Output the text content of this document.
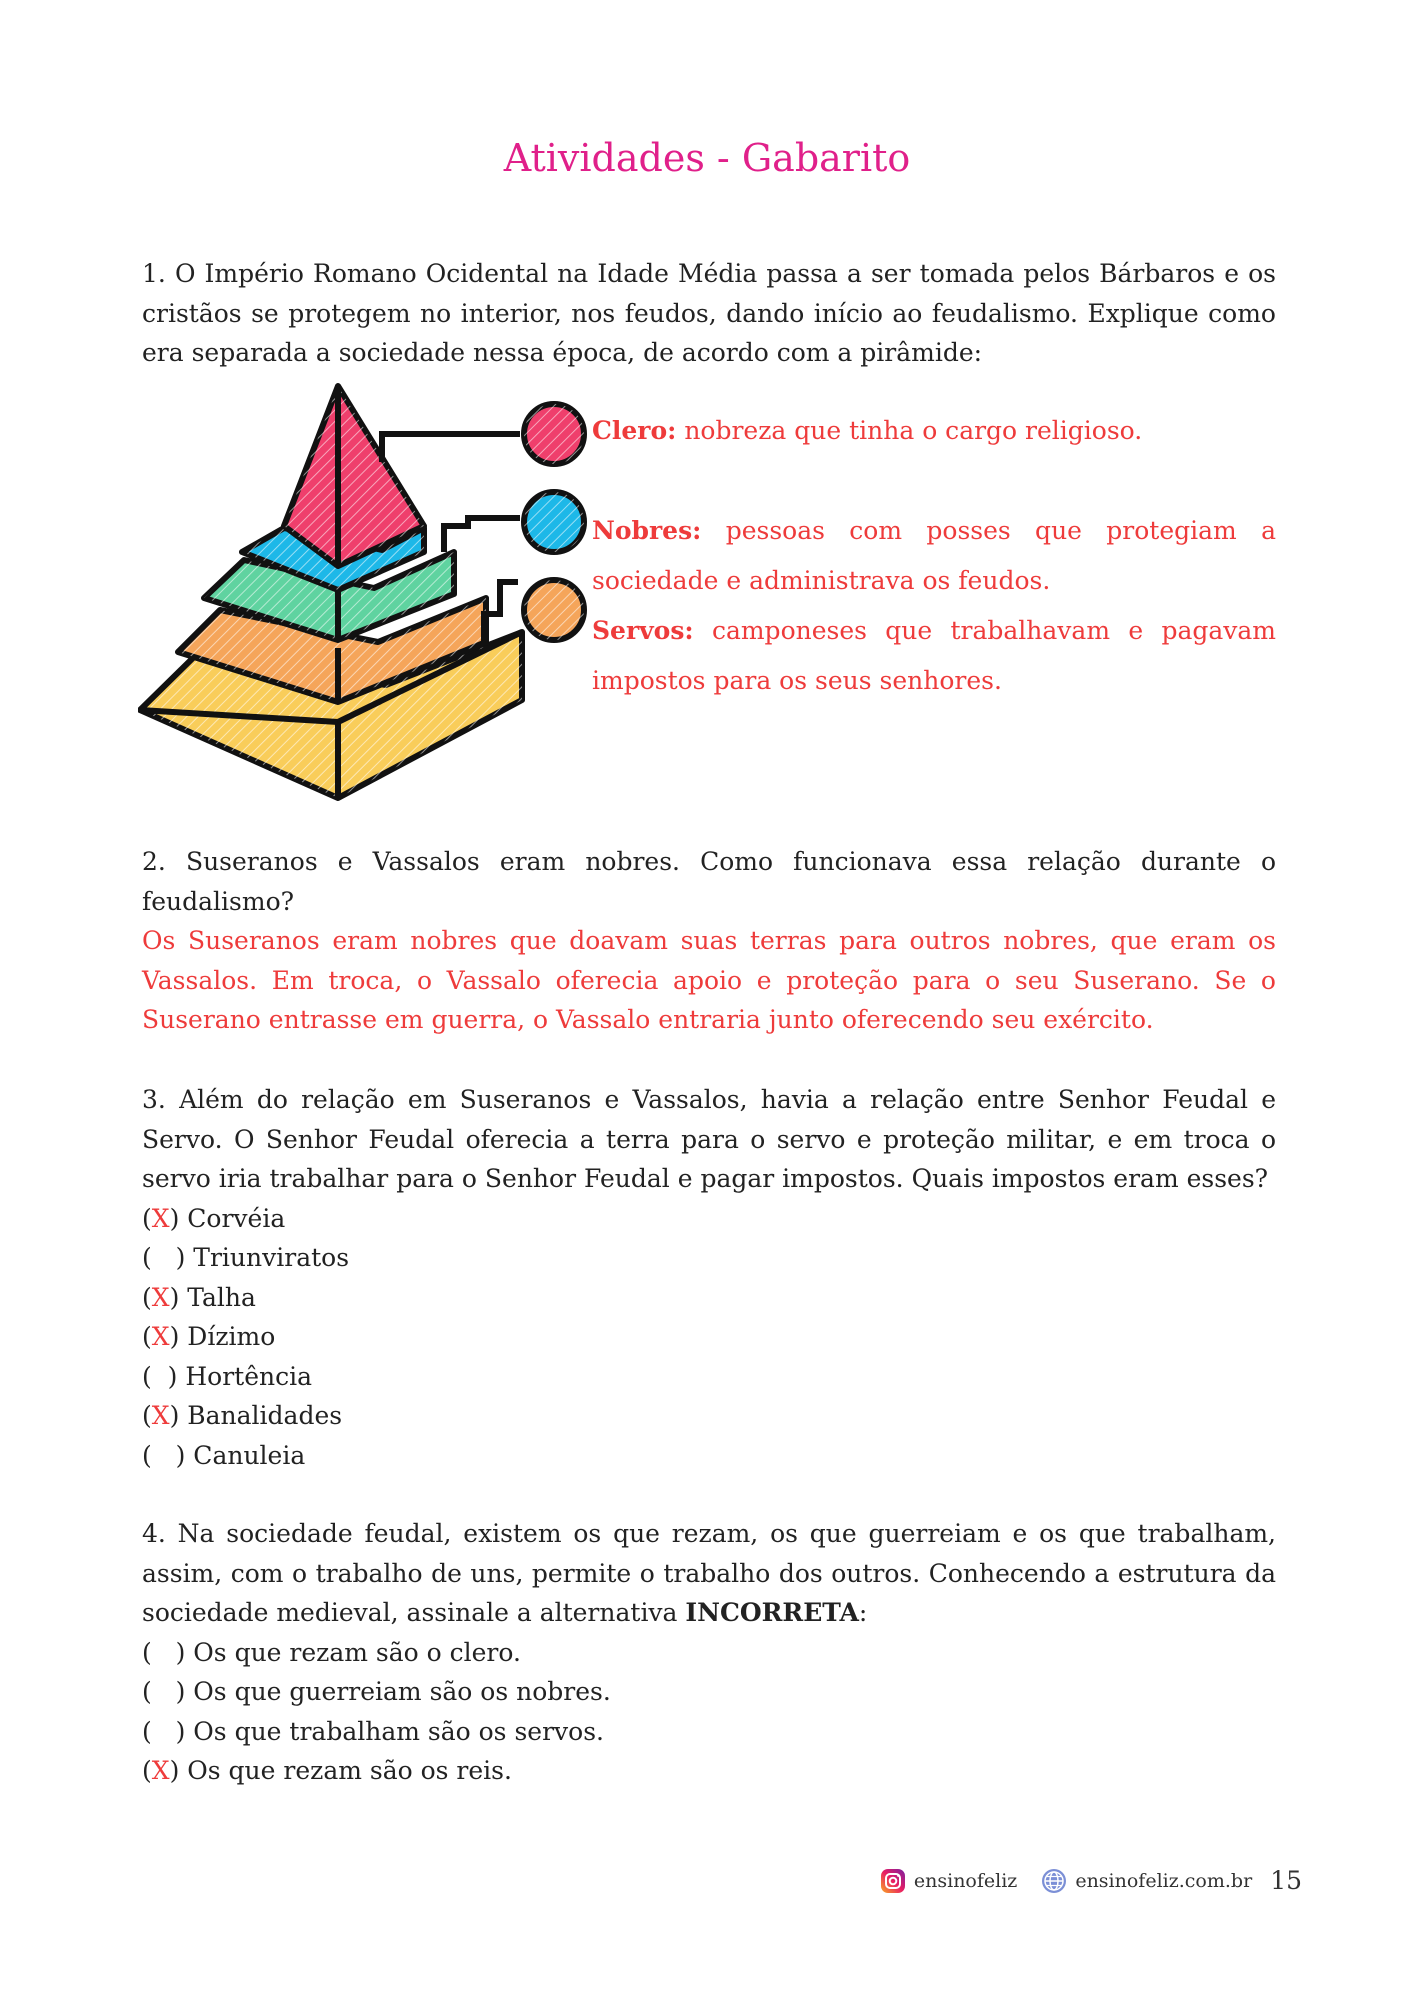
Atividades - Gabarito
1. O Império Romano Ocidental na Idade Média passa a ser tomada pelos Bárbaros e os cristãos se protegem no interior, nos feudos, dando início ao feudalismo. Explique como era separada a sociedade nessa época, de acordo com a pirâmide:
Clero: nobreza que tinha o cargo religioso.
Nobres: pessoas com posses que protegiam a sociedade e administrava os feudos.
Servos: camponeses que trabalhavam e pagavam impostos para os seus senhores.
2. Suseranos e Vassalos eram nobres. Como funcionava essa relação durante o feudalismo?
Os Suseranos eram nobres que doavam suas terras para outros nobres, que eram os Vassalos. Em troca, o Vassalo oferecia apoio e proteção para o seu Suserano. Se o Suserano entrasse em guerra, o Vassalo entraria junto oferecendo seu exército.
3. Além do relação em Suseranos e Vassalos, havia a relação entre Senhor Feudal e Servo. O Senhor Feudal oferecia a terra para o servo e proteção militar, e em troca o servo iria trabalhar para o Senhor Feudal e pagar impostos. Quais impostos eram esses?
(X) Corvéia
( ) Triunviratos
(X) Talha
(X) Dízimo
( ) Hortência
(X) Banalidades
( ) Canuleia
4. Na sociedade feudal, existem os que rezam, os que guerreiam e os que trabalham, assim, com o trabalho de uns, permite o trabalho dos outros. Conhecendo a estrutura da sociedade medieval, assinale a alternativa INCORRETA:
( ) Os que rezam são o clero.
( ) Os que guerreiam são os nobres.
( ) Os que trabalham são os servos.
(X) Os que rezam são os reis.
ensinofeliz	ensinofeliz.com.br 15
